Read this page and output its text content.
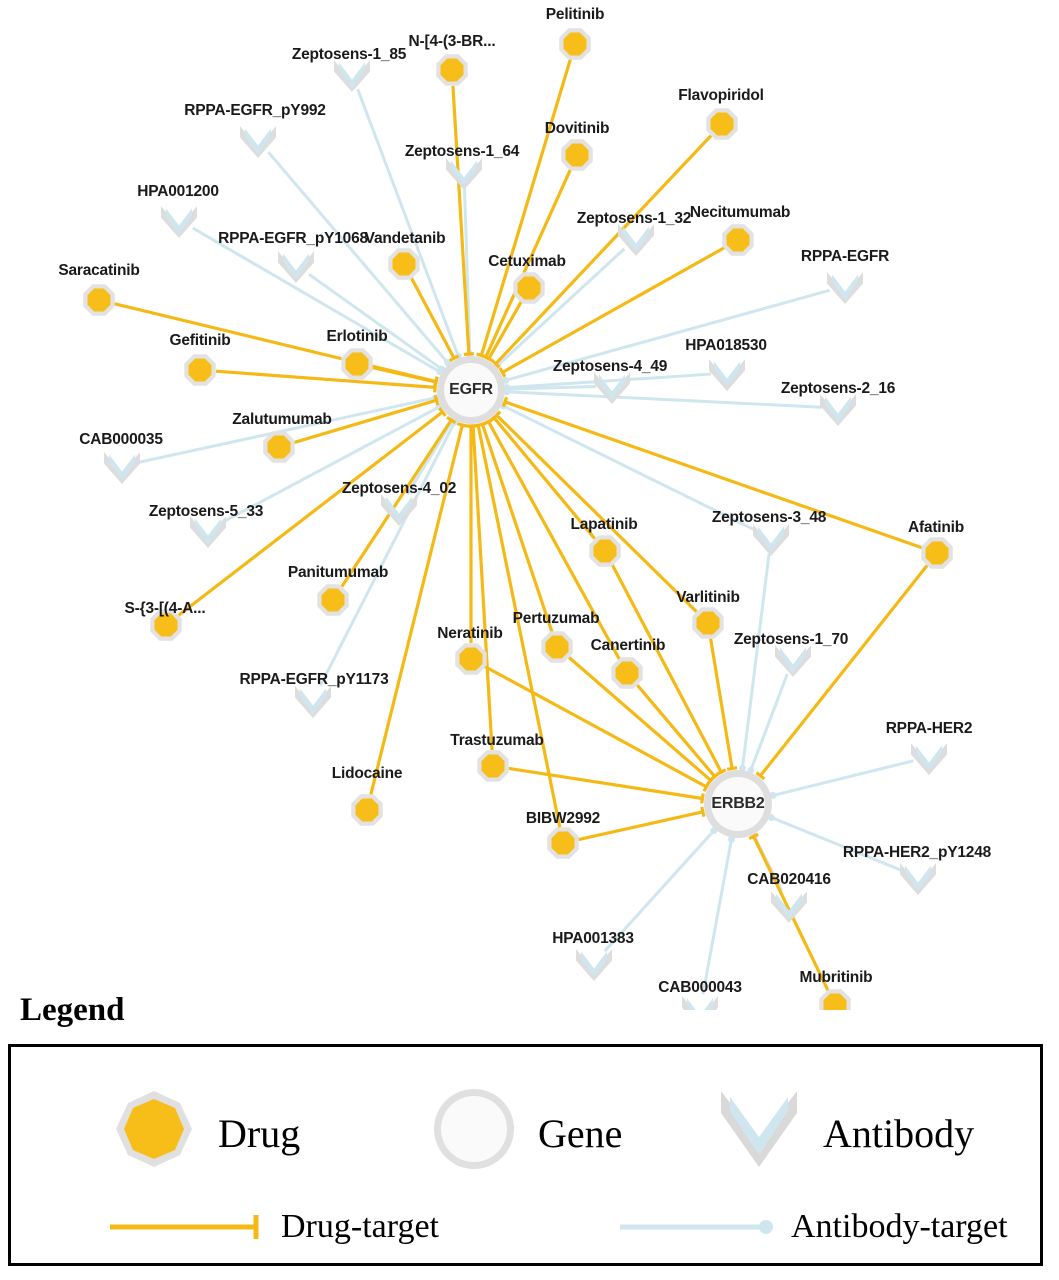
Pelitinib
N-[4-(3-BR...
Flavopiridol
Dovitinib
Necitumumab
Vandetanib
Cetuximab
Saracatinib
Erlotinib
Gefitinib
Zalutumumab
Lapatinib	Afatinib
Panitumumab
Varlitinib
S-{3-[(4-A...
Pertuzumab
Neratinib
Canertinib
Trastuzumab
Lidocaine
BIBW2992
Mubritinib
Zeptosens-1_85
RPPA-EGFR_pY992
Zeptosens-1_64
HPA001200
Zeptosens-1_32
RPPA-EGFR_pY1068
RPPA-EGFR
HPA018530
Zeptosens-4_49
Zeptosens-2_16
CAB000035
Zeptosens-4_02
Zeptosens-5_33	Zeptosens-3_48
Zeptosens-1_70
RPPA-EGFR_pY1173
RPPA-HER2
RPPA-HER2_pY1248
CAB020416
HPA001383
CAB000043
EGFR
ERBB2
Legend
Drug	Gene	Antibody
Drug-target	Antibody-target
